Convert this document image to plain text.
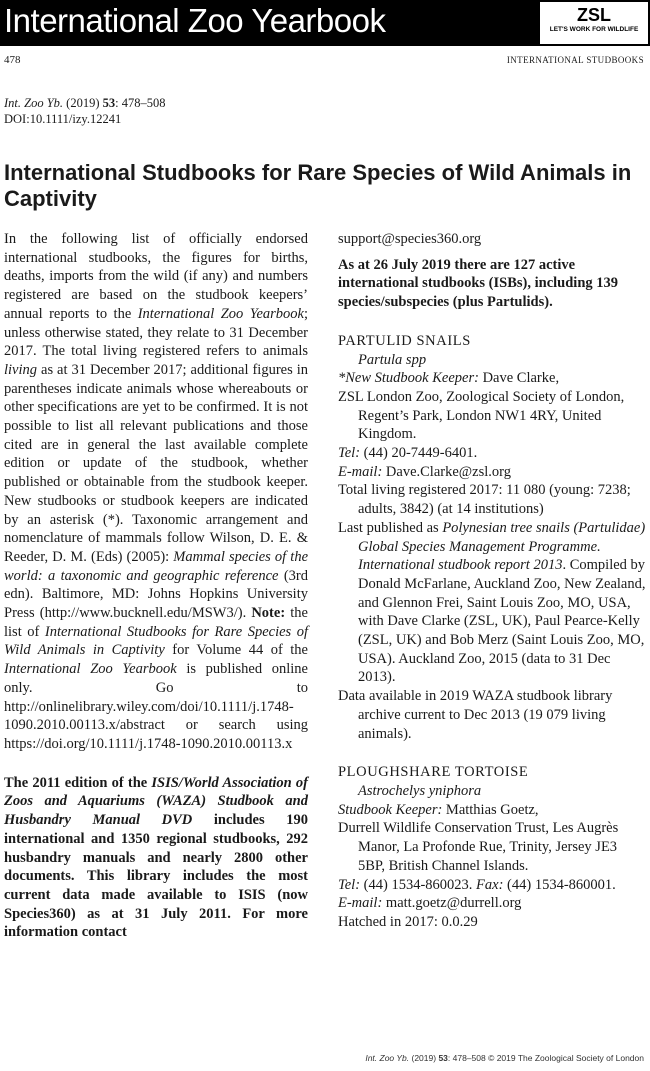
International Zoo Yearbook	ZSL
LET'S WORK FOR WILDLIFE
478	INTERNATIONAL STUDBOOKS
Int. Zoo Yb. (2019) 53: 478–508
DOI:10.1111/izy.12241
International Studbooks for Rare Species of Wild Animals in Captivity

In the following list of officially endorsed international studbooks, the figures for births, deaths, imports from the wild (if any) and numbers registered are based on the studbook keepers’ annual reports to the International Zoo Yearbook; unless otherwise stated, they relate to 31 December 2017. The total living registered refers to animals living as at 31 December 2017; additional figures in parentheses indicate animals whose whereabouts or other specifications are yet to be confirmed. It is not possible to list all relevant publications and those cited are in general the last available complete edition or update of the studbook, whether published or obtainable from the studbook keeper. New studbooks or studbook keepers are indicated by an asterisk (*). Taxonomic arrangement and nomenclature of mammals follow Wilson, D. E. & Reeder, D. M. (Eds) (2005): Mammal species of the world: a taxonomic and geographic reference (3rd edn). Baltimore, MD: Johns Hopkins University Press (http://www.bucknell.edu/MSW3/). Note: the list of International Studbooks for Rare Species of Wild Animals in Captivity for Volume 44 of the International Zoo Yearbook is published online only. Go to http://onlinelibrary.wiley.com/doi/10.1111/j.1748-1090.2010.00113.x/abstract or search using https://doi.org/10.1111/j.1748-1090.2010.00113.x

The 2011 edition of the ISIS/World Association of Zoos and Aquariums (WAZA) Studbook and Husbandry Manual DVD includes 190 international and 1350 regional studbooks, 292 husbandry manuals and nearly 2800 other documents. This library includes the most current data made available to ISIS (now Species360) as at 31 July 2011. For more information contact

support@species360.org

As at 26 July 2019 there are 127 active international studbooks (ISBs), including 139 species/subspecies (plus Partulids).

PARTULID SNAILS

Partula spp

*New Studbook Keeper: Dave Clarke,

ZSL London Zoo, Zoological Society of London, Regent’s Park, London NW1 4RY, United Kingdom.

Tel: (44) 20-7449-6401.

E-mail: Dave.Clarke@zsl.org

Total living registered 2017: 11 080 (young: 7238; adults, 3842) (at 14 institutions)

Last published as Polynesian tree snails (Partulidae) Global Species Management Programme. International studbook report 2013. Compiled by Donald McFarlane, Auckland Zoo, New Zealand, and Glennon Frei, Saint Louis Zoo, MO, USA, with Dave Clarke (ZSL, UK), Paul Pearce-Kelly (ZSL, UK) and Bob Merz (Saint Louis Zoo, MO, USA). Auckland Zoo, 2015 (data to 31 Dec 2013).

Data available in 2019 WAZA studbook library archive current to Dec 2013 (19 079 living animals).

PLOUGHSHARE TORTOISE

Astrochelys yniphora

Studbook Keeper: Matthias Goetz,

Durrell Wildlife Conservation Trust, Les Augrès Manor, La Profonde Rue, Trinity, Jersey JE3 5BP, British Channel Islands.

Tel: (44) 1534-860023. Fax: (44) 1534-860001.

E-mail: matt.goetz@durrell.org

Hatched in 2017: 0.0.29

Int. Zoo Yb. (2019) 53: 478–508 © 2019 The Zoological Society of London
